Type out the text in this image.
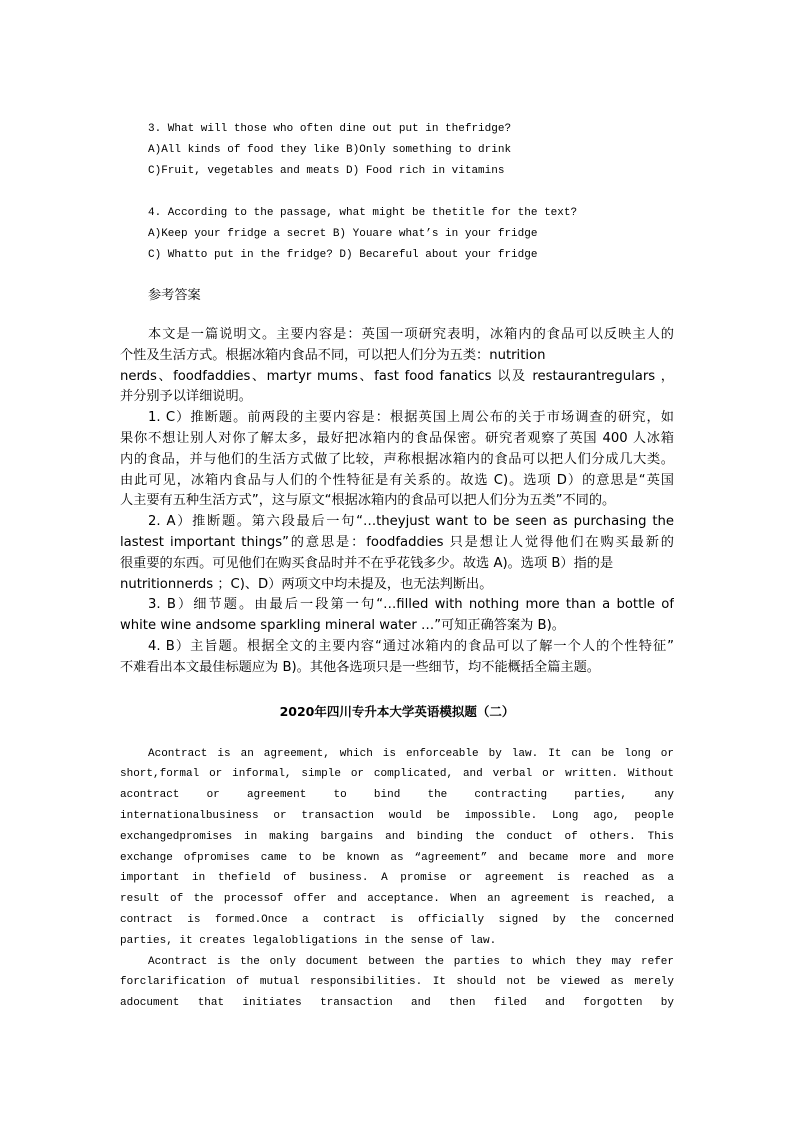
3. What will those who often dine out put in thefridge?
A)All kinds of food they like B)Only something to drink
C)Fruit, vegetables and meats D) Food rich in vitamins
4. According to the passage, what might be thetitle for the text?
A)Keep your fridge a secret B) Youare what’s in your fridge
C) Whatto put in the fridge? D) Becareful about your fridge
参考答案
本文是一篇说明文。主要内容是：英国一项研究表明，冰箱内的食品可以反映主人的
个性及生活方式。根据冰箱内食品不同，可以把人们分为五类：nutrition
nerds、foodfaddies、martyr mums、fast food fanatics 以及 restaurantregulars ，
并分别予以详细说明。
1. C）推断题。前两段的主要内容是：根据英国上周公布的关于市场调查的研究，如
果你不想让别人对你了解太多，最好把冰箱内的食品保密。研究者观察了英国 400 人冰箱
内的食品，并与他们的生活方式做了比较，声称根据冰箱内的食品可以把人们分成几大类。
由此可见，冰箱内食品与人们的个性特征是有关系的。故选 C)。选项 D）的意思是“英国
人主要有五种生活方式”，这与原文“根据冰箱内的食品可以把人们分为五类”不同的。
2. A）推断题。第六段最后一句“…theyjust want to be seen as purchasing the
lastest important things”的意思是：foodfaddies 只是想让人觉得他们在购买最新的
很重要的东西。可见他们在购买食品时并不在乎花钱多少。故选 A)。选项 B）指的是
nutritionnerds ；C)、D）两项文中均未提及，也无法判断出。
3. B）细节题。由最后一段第一句“…filled with nothing more than a bottle of
white wine andsome sparkling mineral water …”可知正确答案为 B)。
4. B）主旨题。根据全文的主要内容“通过冰箱内的食品可以了解一个人的个性特征”
不难看出本文最佳标题应为 B)。其他各选项只是一些细节，均不能概括全篇主题。
2020年四川专升本大学英语模拟题（二）
Acontract is an agreement, which is enforceable by law. It can be long or
short,formal or informal, simple or complicated, and verbal or written. Without
acontract or agreement to bind the contracting parties, any
internationalbusiness or transaction would be impossible. Long ago, people
exchangedpromises in making bargains and binding the conduct of others. This
exchange ofpromises came to be known as “agreement” and became more and more
important in thefield of business. A promise or agreement is reached as a
result of the processof offer and acceptance. When an agreement is reached, a
contract is formed.Once a contract is officially signed by the concerned
parties, it creates legalobligations in the sense of law.
Acontract is the only document between the parties to which they may refer
forclarification of mutual responsibilities. It should not be viewed as merely
adocument that initiates transaction and then filed and forgotten by
